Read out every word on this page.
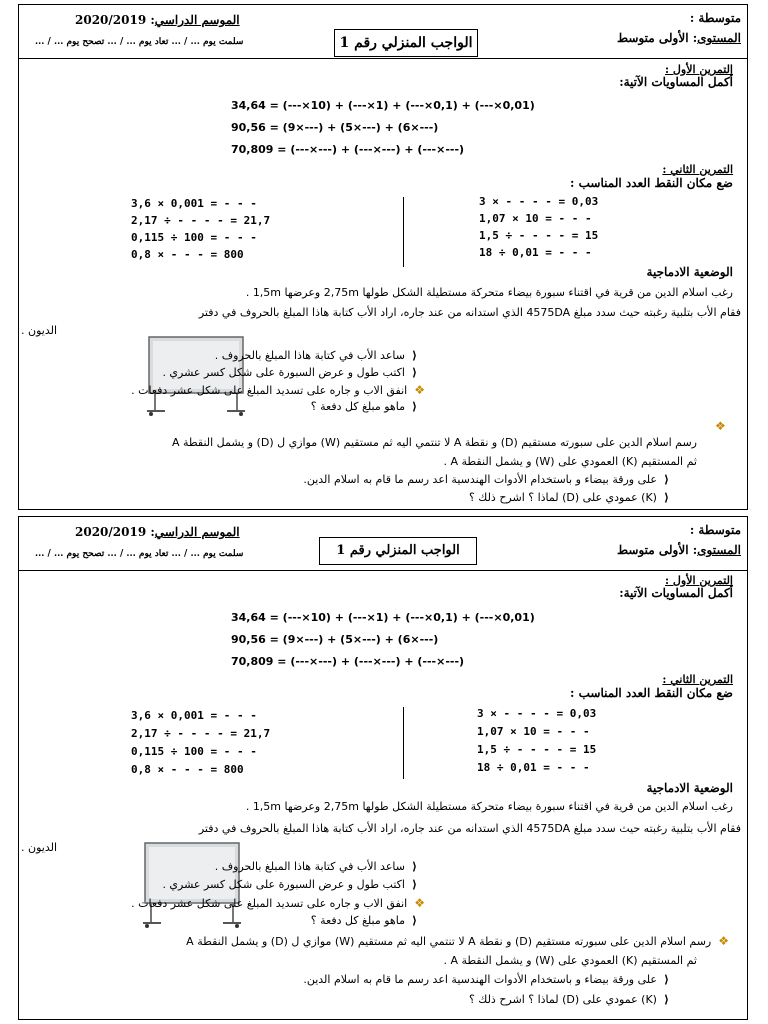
متوسطة :
المستوى: الأولى متوسط
الموسم الدراسي: 2020/2019
سلمت يوم ... / ... تعاد يوم ... / ... تصحح يوم ... / ...	الواجب المنزلي رقم 1
التمرين الأول :
أكمل المساويات الآتية:
34,64 = (---×10) + (---×1) + (---×0,1) + (---×0,01)
90,56 = (9×---) + (5×---) + (6×---)
70,809 = (---×---) + (---×---) + (---×---)
التمرين الثاني :
ضع مكان النقط العدد المناسب :
3 × - - - - = 0,03
1,07 × 10 = - - -
1,5 ÷ - - - - = 15
18 ÷ 0,01 = - - -
3,6 × 0,001 = - - -
2,17 ÷ - - - - = 21,7
0,115 ÷ 100 = - - -
0,8 × - - - = 800
الوضعية الادماجية
رغب اسلام الدين من قرية في اقتناء سبورة بيضاء متحركة مستطيلة الشكل طولها 2,75m وعرضها 1,5m .
فقام الأب بتلبية رغبته حيث سدد مبلغ 4575DA الذي استدانه من عند جاره، اراد الأب كتابة هاذا المبلغ بالحروف في دفتر
الديون .
⟨  ساعد الأب في كتابة هاذا المبلغ بالحروف .
⟨  اكتب طول و عرض السبورة على شكل كسر عشري .
❖  انفق الاب و جاره على تسديد المبلغ على شكل عشر دفعات .
⟨  ماهو مبلغ كل دفعة ؟
❖
رسم اسلام الدين على سبورته مستقيم (D) و نقطة A لا تنتمي اليه ثم مستقيم (W) موازي ل (D) و يشمل النقطة A
ثم المستقيم (K) العمودي على (W) و يشمل النقطة A .
⟨  على ورقة بيضاء و باستخدام الأدوات الهندسية اعد رسم ما قام به اسلام الدين.
⟨  (K) عمودي على (D) لماذا ؟ اشرح ذلك ؟
متوسطة :
المستوى: الأولى متوسط
الموسم الدراسي: 2020/2019
سلمت يوم ... / ... تعاد يوم ... / ... تصحح يوم ... / ...	الواجب المنزلي رقم 1
التمرين الأول :
أكمل المساويات الآتية:
34,64 = (---×10) + (---×1) + (---×0,1) + (---×0,01)
90,56 = (9×---) + (5×---) + (6×---)
70,809 = (---×---) + (---×---) + (---×---)
التمرين الثاني :
ضع مكان النقط العدد المناسب :
3 × - - - - = 0,03
1,07 × 10 = - - -
1,5 ÷ - - - - = 15
18 ÷ 0,01 = - - -
3,6 × 0,001 = - - -
2,17 ÷ - - - - = 21,7
0,115 ÷ 100 = - - -
0,8 × - - - = 800
الوضعية الادماجية
رغب اسلام الدين من قرية في اقتناء سبورة بيضاء متحركة مستطيلة الشكل طولها 2,75m وعرضها 1,5m .
فقام الأب بتلبية رغبته حيث سدد مبلغ 4575DA الذي استدانه من عند جاره، اراد الأب كتابة هاذا المبلغ بالحروف في دفتر
الديون .
⟨  ساعد الأب في كتابة هاذا المبلغ بالحروف .
⟨  اكتب طول و عرض السبورة على شكل كسر عشري .
❖  انفق الاب و جاره على تسديد المبلغ على شكل عشر دفعات .
⟨  ماهو مبلغ كل دفعة ؟
❖  رسم اسلام الدين على سبورته مستقيم (D) و نقطة A لا تنتمي اليه ثم مستقيم (W) موازي ل (D) و يشمل النقطة A
ثم المستقيم (K) العمودي على (W) و يشمل النقطة A .
⟨  على ورقة بيضاء و باستخدام الأدوات الهندسية اعد رسم ما قام به اسلام الدين.
⟨  (K) عمودي على (D) لماذا ؟ اشرح ذلك ؟
